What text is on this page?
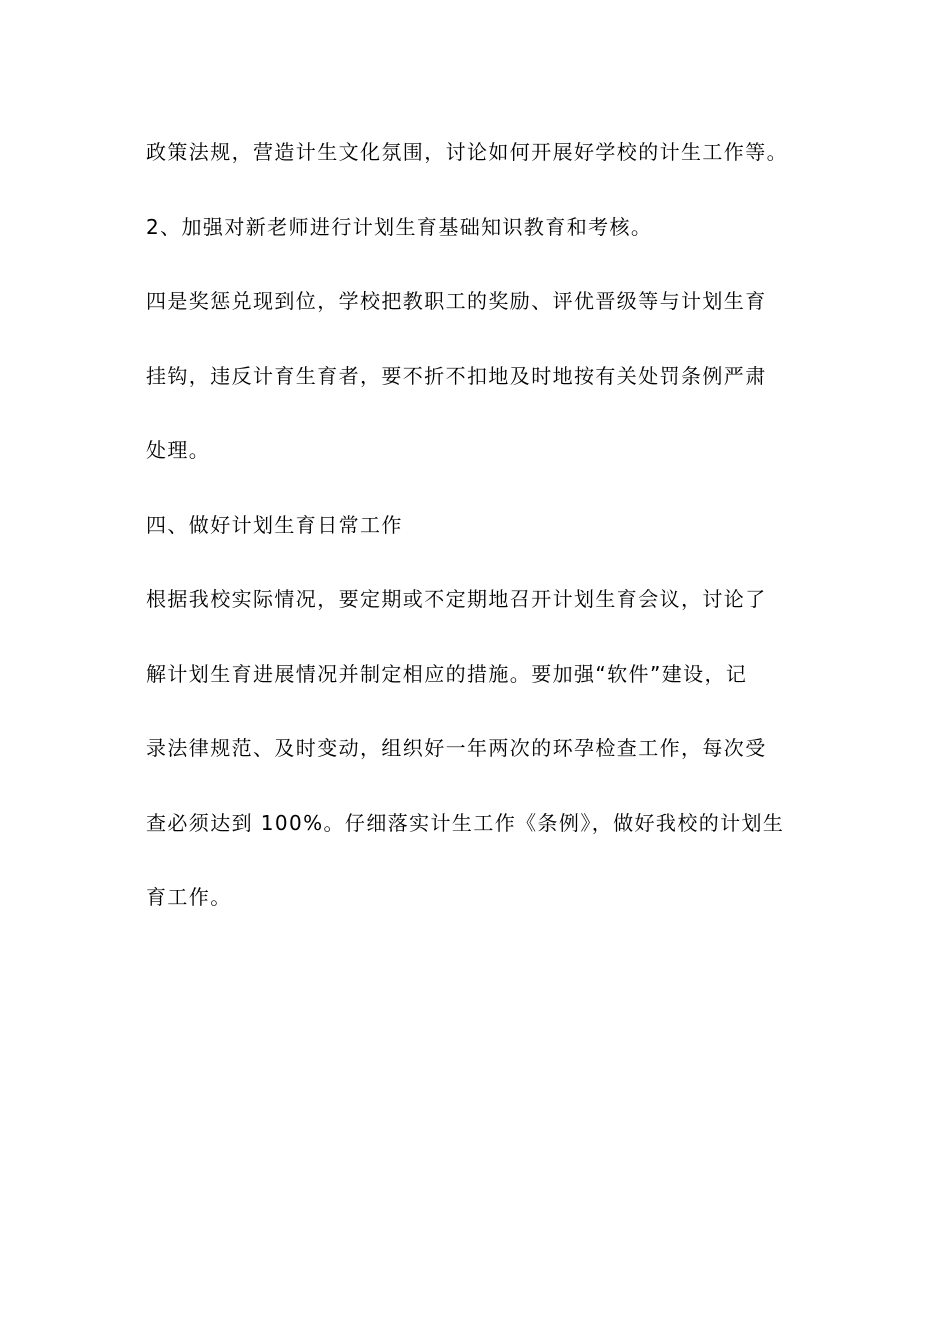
政策法规，营造计生文化氛围，讨论如何开展好学校的计生工作等。

2、加强对新老师进行计划生育基础知识教育和考核。

四是奖惩兑现到位，学校把教职工的奖励、评优晋级等与计划生育

挂钩，违反计育生育者，要不折不扣地及时地按有关处罚条例严肃

处理。

四、做好计划生育日常工作

根据我校实际情况，要定期或不定期地召开计划生育会议，讨论了

解计划生育进展情况并制定相应的措施。要加强“软件”建设，记

录法律规范、及时变动，组织好一年两次的环孕检查工作，每次受

查必须达到 100%。仔细落实计生工作《条例》，做好我校的计划生

育工作。
